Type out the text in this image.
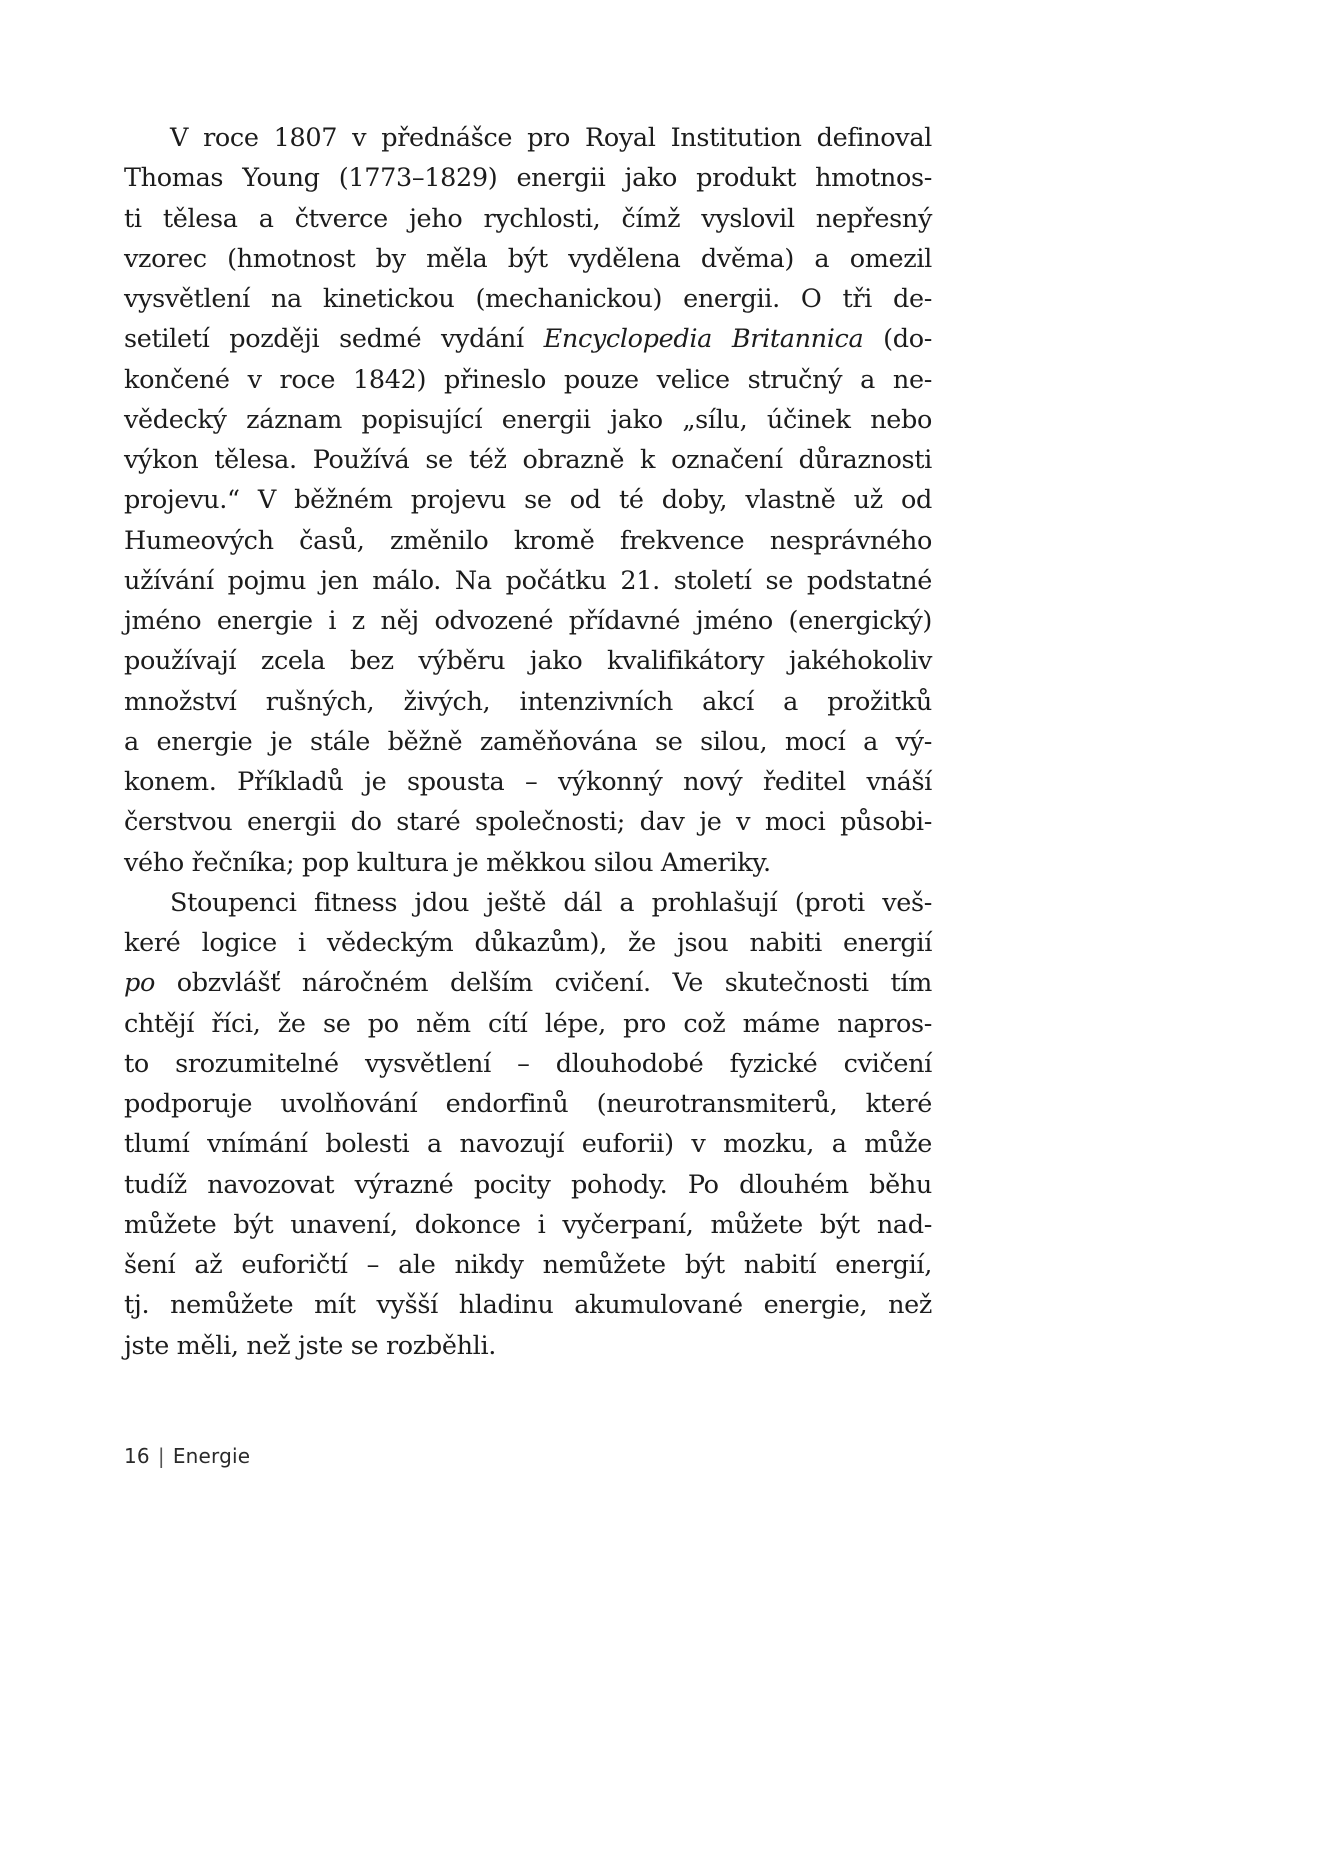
V roce 1807 v přednášce pro Royal Institution definoval
Thomas Young (1773–1829) energii jako produkt hmotnos-
ti tělesa a čtverce jeho rychlosti, čímž vyslovil nepřesný
vzorec (hmotnost by měla být vydělena dvěma) a omezil
vysvětlení na kinetickou (mechanickou) energii. O tři de-
setiletí později sedmé vydání Encyclopedia Britannica (do-
končené v roce 1842) přineslo pouze velice stručný a ne-
vědecký záznam popisující energii jako „sílu, účinek nebo
výkon tělesa. Používá se též obrazně k označení důraznosti
projevu.“ V běžném projevu se od té doby, vlastně už od
Humeových časů, změnilo kromě frekvence nesprávného
užívání pojmu jen málo. Na počátku 21. století se podstatné
jméno energie i z něj odvozené přídavné jméno (energický)
používají zcela bez výběru jako kvalifikátory jakéhokoliv
množství rušných, živých, intenzivních akcí a prožitků
a energie je stále běžně zaměňována se silou, mocí a vý-
konem. Příkladů je spousta – výkonný nový ředitel vnáší
čerstvou energii do staré společnosti; dav je v moci působi-
vého řečníka; pop kultura je měkkou silou Ameriky.
Stoupenci fitness jdou ještě dál a prohlašují (proti veš-
keré logice i vědeckým důkazům), že jsou nabiti energií
po obzvlášť náročném delším cvičení. Ve skutečnosti tím
chtějí říci, že se po něm cítí lépe, pro což máme napros-
to srozumitelné vysvětlení – dlouhodobé fyzické cvičení
podporuje uvolňování endorfinů (neurotransmiterů, které
tlumí vnímání bolesti a navozují euforii) v mozku, a může
tudíž navozovat výrazné pocity pohody. Po dlouhém běhu
můžete být unavení, dokonce i vyčerpaní, můžete být nad-
šení až euforičtí – ale nikdy nemůžete být nabití energií,
tj. nemůžete mít vyšší hladinu akumulované energie, než
jste měli, než jste se rozběhli.
16 | Energie
